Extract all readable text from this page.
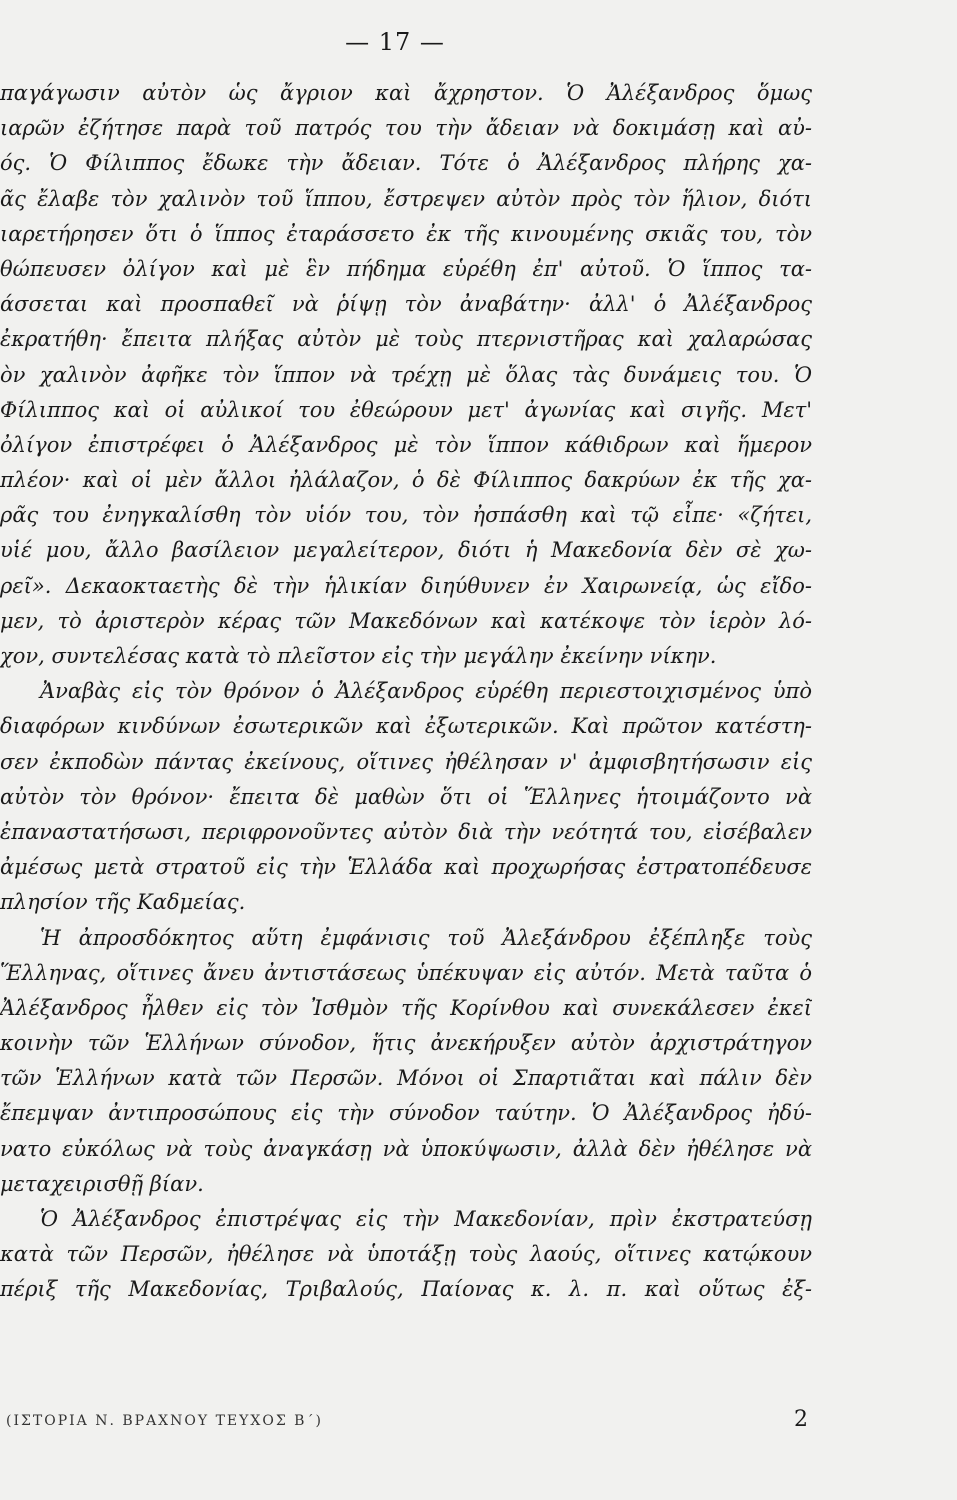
— 17 —
παγάγωσιν αὐτὸν ὡς ἄγριον καὶ ἄχρηστον. Ὁ Ἀλέξανδρος ὅμως
ιαρῶν ἐζήτησε παρὰ τοῦ πατρός του τὴν ἄδειαν νὰ δοκιμάσῃ καὶ αὐ-
ός. Ὁ Φίλιππος ἔδωκε τὴν ἄδειαν. Τότε ὁ Ἀλέξανδρος πλήρης χα-
ᾶς ἔλαβε τὸν χαλινὸν τοῦ ἵππου, ἔστρεψεν αὐτὸν πρὸς τὸν ἥλιον, διότι
ιαρετήρησεν ὅτι ὁ ἵππος ἐταράσσετο ἐκ τῆς κινουμένης σκιᾶς του, τὸν
θώπευσεν ὀλίγον καὶ μὲ ἓν πήδημα εὑρέθη ἐπ' αὐτοῦ. Ὁ ἵππος τα-
άσσεται καὶ προσπαθεῖ νὰ ῥίψῃ τὸν ἀναβάτην· ἀλλ' ὁ Ἀλέξανδρος
ἐκρατήθη· ἔπειτα πλήξας αὐτὸν μὲ τοὺς πτερνιστῆρας καὶ χαλαρώσας
ὸν χαλινὸν ἀφῆκε τὸν ἵππον νὰ τρέχῃ μὲ ὅλας τὰς δυνάμεις του. Ὁ
Φίλιππος καὶ οἱ αὐλικοί του ἐθεώρουν μετ' ἀγωνίας καὶ σιγῆς. Μετ'
ὀλίγον ἐπιστρέφει ὁ Ἀλέξανδρος μὲ τὸν ἵππον κάθιδρων καὶ ἥμερον
πλέον· καὶ οἱ μὲν ἄλλοι ἠλάλαζον, ὁ δὲ Φίλιππος δακρύων ἐκ τῆς χα-
ρᾶς του ἐνηγκαλίσθη τὸν υἱόν του, τὸν ἠσπάσθη καὶ τῷ εἶπε· «ζήτει,
υἱέ μου, ἄλλο βασίλειον μεγαλείτερον, διότι ἡ Μακεδονία δὲν σὲ χω-
ρεῖ». Δεκαοκταετὴς δὲ τὴν ἡλικίαν διηύθυνεν ἐν Χαιρωνείᾳ, ὡς εἴδο-
μεν, τὸ ἀριστερὸν κέρας τῶν Μακεδόνων καὶ κατέκοψε τὸν ἱερὸν λό-
χον, συντελέσας κατὰ τὸ πλεῖστον εἰς τὴν μεγάλην ἐκείνην νίκην.
Ἀναβὰς εἰς τὸν θρόνον ὁ Ἀλέξανδρος εὑρέθη περιεστοιχισμένος ὑπὸ
διαφόρων κινδύνων ἐσωτερικῶν καὶ ἐξωτερικῶν. Καὶ πρῶτον κατέστη-
σεν ἐκποδὼν πάντας ἐκείνους, οἵτινες ἠθέλησαν ν' ἀμφισβητήσωσιν εἰς
αὐτὸν τὸν θρόνον· ἔπειτα δὲ μαθὼν ὅτι οἱ Ἕλληνες ἡτοιμάζοντο νὰ
ἐπαναστατήσωσι, περιφρονοῦντες αὐτὸν διὰ τὴν νεότητά του, εἰσέβαλεν
ἀμέσως μετὰ στρατοῦ εἰς τὴν Ἑλλάδα καὶ προχωρήσας ἐστρατοπέδευσε
πλησίον τῆς Καδμείας.
Ἡ ἀπροσδόκητος αὕτη ἐμφάνισις τοῦ Ἀλεξάνδρου ἐξέπληξε τοὺς
Ἕλληνας, οἵτινες ἄνευ ἀντιστάσεως ὑπέκυψαν εἰς αὐτόν. Μετὰ ταῦτα ὁ
Ἀλέξανδρος ἦλθεν εἰς τὸν Ἰσθμὸν τῆς Κορίνθου καὶ συνεκάλεσεν ἐκεῖ
κοινὴν τῶν Ἑλλήνων σύνοδον, ἥτις ἀνεκήρυξεν αὐτὸν ἀρχιστράτηγον
τῶν Ἑλλήνων κατὰ τῶν Περσῶν. Μόνοι οἱ Σπαρτιᾶται καὶ πάλιν δὲν
ἔπεμψαν ἀντιπροσώπους εἰς τὴν σύνοδον ταύτην. Ὁ Ἀλέξανδρος ἠδύ-
νατο εὐκόλως νὰ τοὺς ἀναγκάσῃ νὰ ὑποκύψωσιν, ἀλλὰ δὲν ἠθέλησε νὰ
μεταχειρισθῇ βίαν.
Ὁ Ἀλέξανδρος ἐπιστρέψας εἰς τὴν Μακεδονίαν, πρὶν ἐκστρατεύσῃ
κατὰ τῶν Περσῶν, ἠθέλησε νὰ ὑποτάξῃ τοὺς λαούς, οἵτινες κατῴκουν
πέριξ τῆς Μακεδονίας, Τριβαλούς, Παίονας κ. λ. π. καὶ οὕτως ἐξ-
(ΙΣΤΟΡΙΑ Ν. ΒΡΑΧΝΟΥ ΤΕΥΧΟΣ Β΄)	2
